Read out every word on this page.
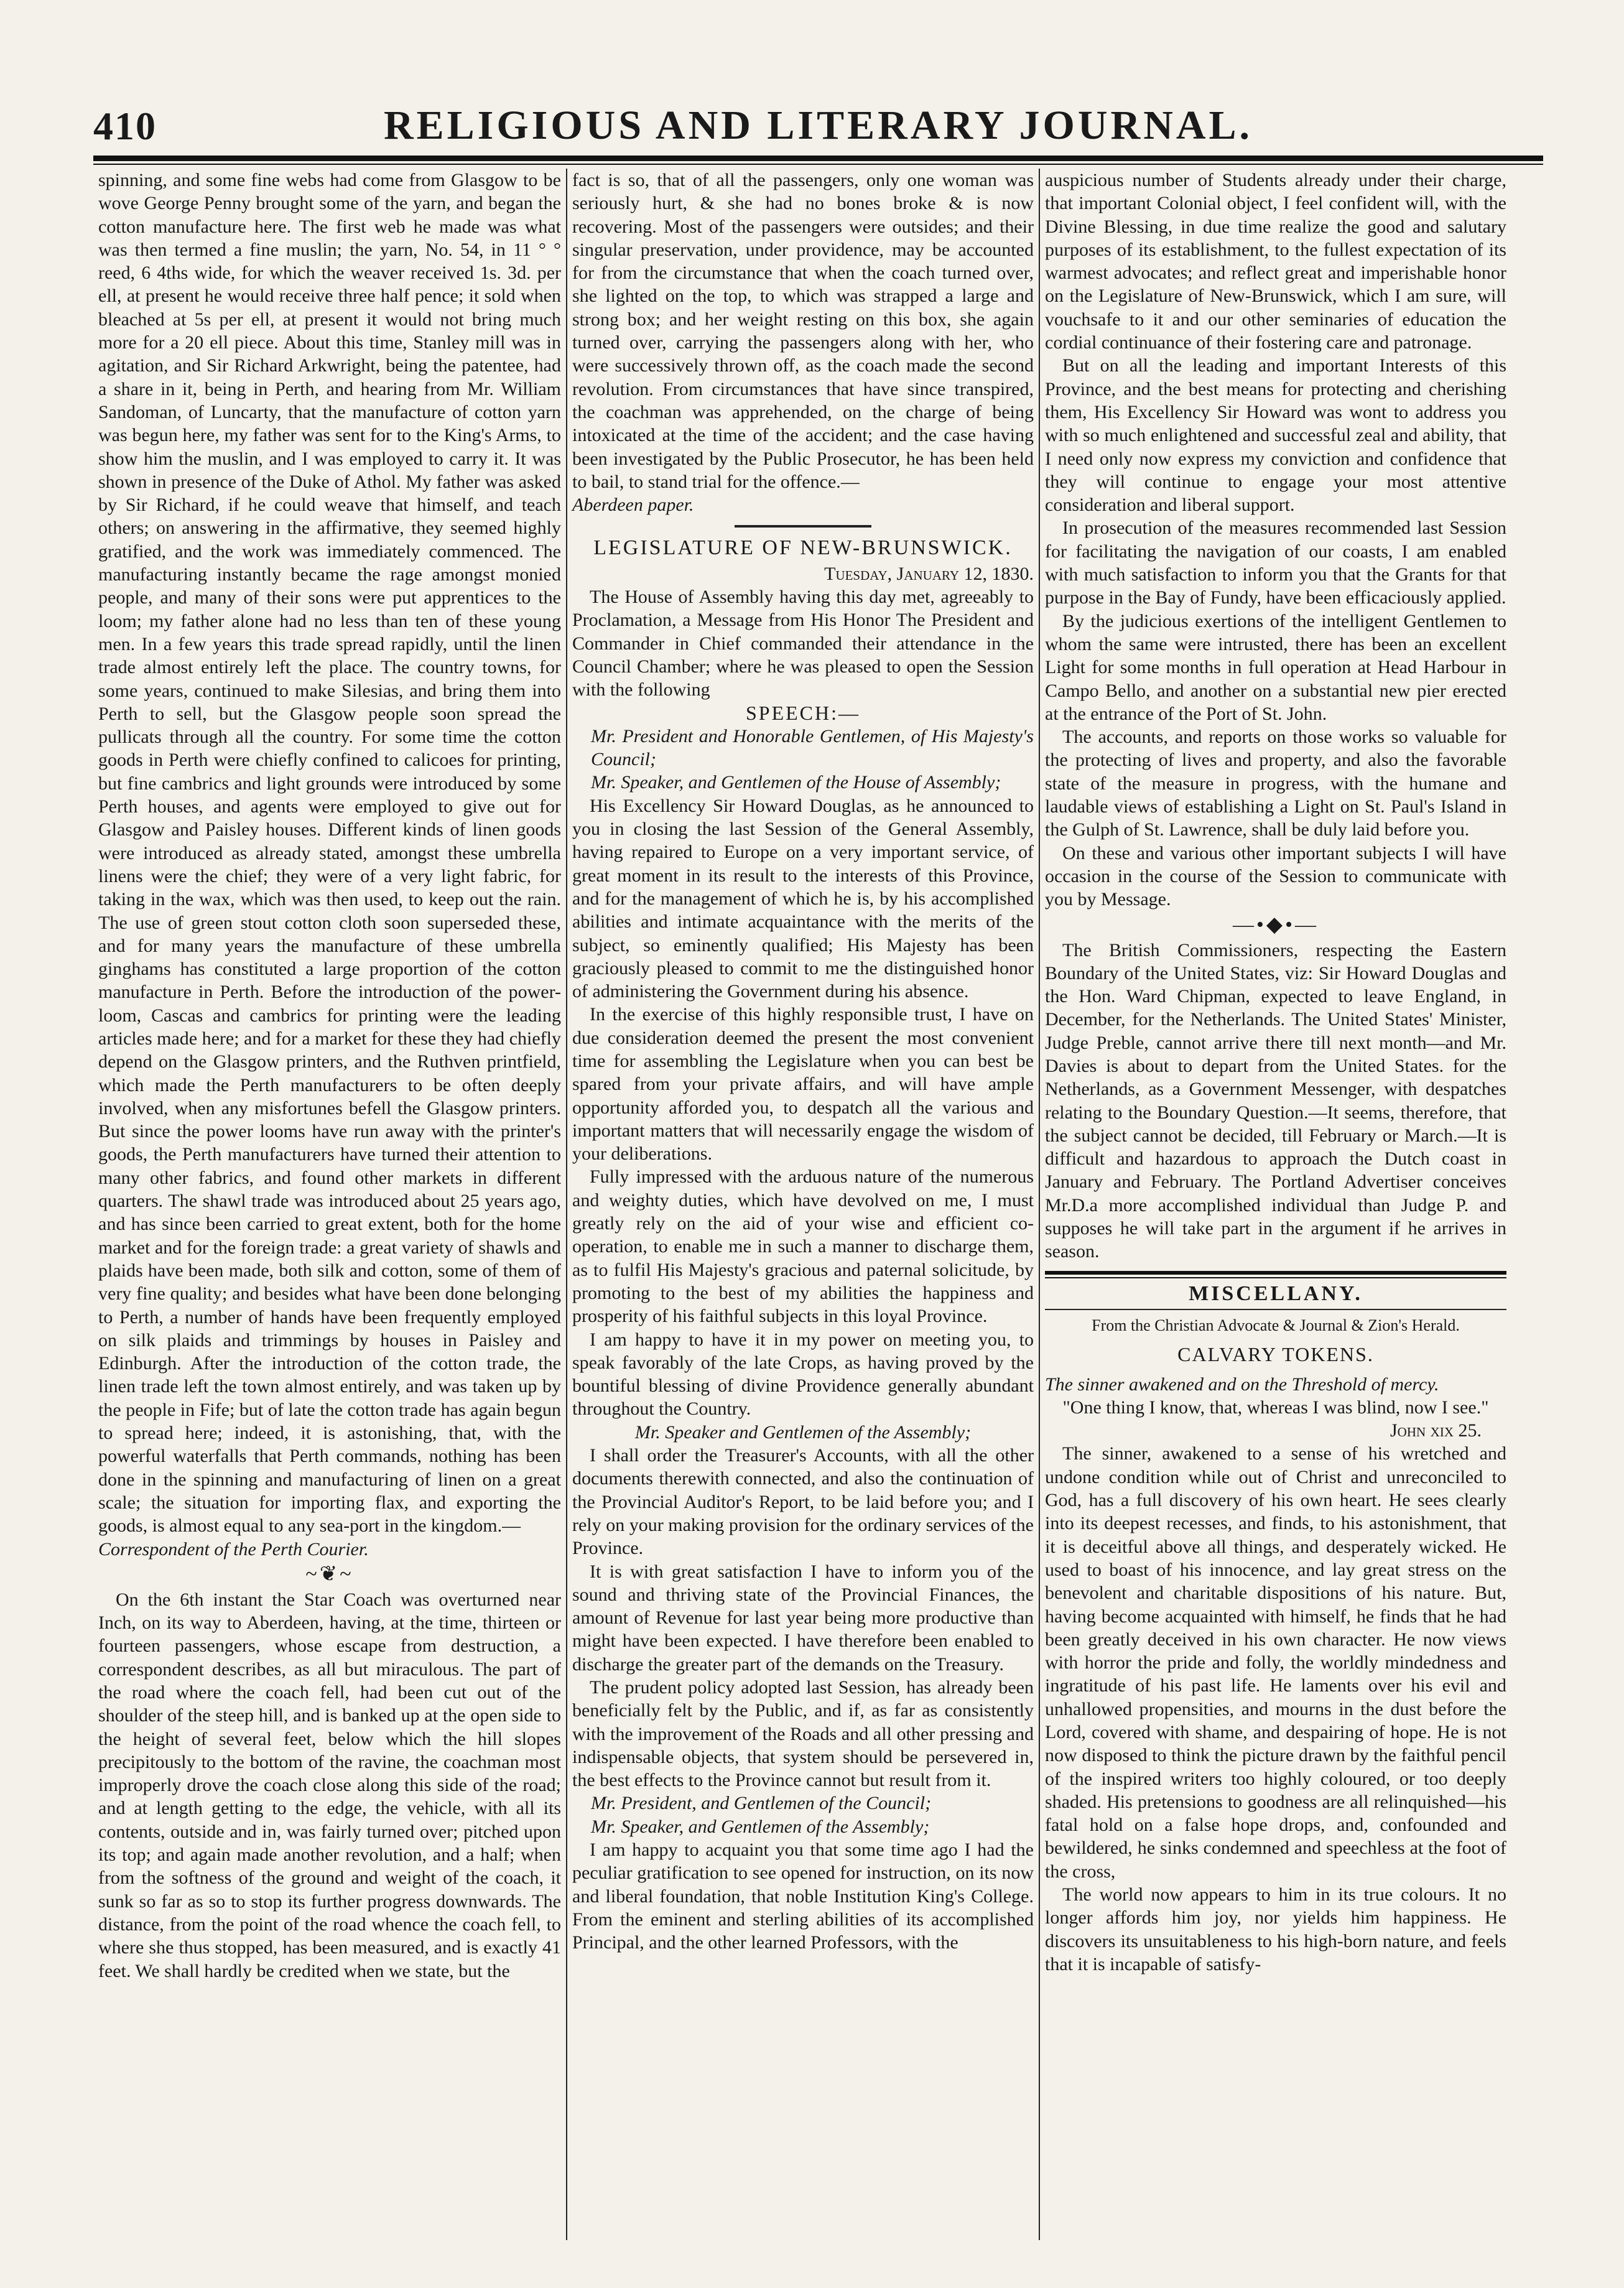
410	RELIGIOUS AND LITERARY JOURNAL.

spinning, and some fine webs had come from Glasgow to be wove George Penny brought some of the yarn, and began the cotton manufacture here. The first web he made was what was then termed a fine muslin; the yarn, No. 54, in 11 ° ° reed, 6 4ths wide, for which the weaver received 1s. 3d. per ell, at present he would receive three half pence; it sold when bleached at 5s per ell, at present it would not bring much more for a 20 ell piece. About this time, Stanley mill was in agitation, and Sir Richard Arkwright, being the patentee, had a share in it, being in Perth, and hearing from Mr. William Sandoman, of Luncarty, that the manufacture of cotton yarn was begun here, my father was sent for to the King's Arms, to show him the muslin, and I was employed to carry it. It was shown in presence of the Duke of Athol. My father was asked by Sir Richard, if he could weave that himself, and teach others; on answering in the affirmative, they seemed highly gratified, and the work was immediately commenced. The manufacturing instantly became the rage amongst monied people, and many of their sons were put apprentices to the loom; my father alone had no less than ten of these young men. In a few years this trade spread rapidly, until the linen trade almost entirely left the place. The country towns, for some years, continued to make Silesias, and bring them into Perth to sell, but the Glasgow people soon spread the pullicats through all the country. For some time the cotton goods in Perth were chiefly confined to calicoes for printing, but fine cambrics and light grounds were introduced by some Perth houses, and agents were employed to give out for Glasgow and Paisley houses. Different kinds of linen goods were introduced as already stated, amongst these umbrella linens were the chief; they were of a very light fabric, for taking in the wax, which was then used, to keep out the rain. The use of green stout cotton cloth soon superseded these, and for many years the manufacture of these umbrella ginghams has constituted a large proportion of the cotton manufacture in Perth. Before the introduction of the power-loom, Cascas and cambrics for printing were the leading articles made here; and for a market for these they had chiefly depend on the Glasgow printers, and the Ruthven printfield, which made the Perth manufacturers to be often deeply involved, when any misfortunes befell the Glasgow printers. But since the power looms have run away with the printer's goods, the Perth manufacturers have turned their attention to many other fabrics, and found other markets in different quarters. The shawl trade was introduced about 25 years ago, and has since been carried to great extent, both for the home market and for the foreign trade: a great variety of shawls and plaids have been made, both silk and cotton, some of them of very fine quality; and besides what have been done belonging to Perth, a number of hands have been frequently employed on silk plaids and trimmings by houses in Paisley and Edinburgh. After the introduction of the cotton trade, the linen trade left the town almost entirely, and was taken up by the people in Fife; but of late the cotton trade has again begun to spread here; indeed, it is astonishing, that, with the powerful waterfalls that Perth commands, nothing has been done in the spinning and manufacturing of linen on a great scale; the situation for importing flax, and exporting the goods, is almost equal to any sea-port in the kingdom.—

Correspondent of the Perth Courier.

~❦~

On the 6th instant the Star Coach was overturned near Inch, on its way to Aberdeen, having, at the time, thirteen or fourteen passengers, whose escape from destruction, a correspondent describes, as all but miraculous. The part of the road where the coach fell, had been cut out of the shoulder of the steep hill, and is banked up at the open side to the height of several feet, below which the hill slopes precipitously to the bottom of the ravine, the coachman most improperly drove the coach close along this side of the road; and at length getting to the edge, the vehicle, with all its contents, outside and in, was fairly turned over; pitched upon its top; and again made another revolution, and a half; when from the softness of the ground and weight of the coach, it sunk so far as so to stop its further progress downwards. The distance, from the point of the road whence the coach fell, to where she thus stopped, has been measured, and is exactly 41 feet. We shall hardly be credited when we state, but the

fact is so, that of all the passengers, only one woman was seriously hurt, & she had no bones broke & is now recovering. Most of the passengers were outsides; and their singular preservation, under providence, may be accounted for from the circumstance that when the coach turned over, she lighted on the top, to which was strapped a large and strong box; and her weight resting on this box, she again turned over, carrying the passengers along with her, who were successively thrown off, as the coach made the second revolution. From circumstances that have since transpired, the coachman was apprehended, on the charge of being intoxicated at the time of the accident; and the case having been investigated by the Public Prosecutor, he has been held to bail, to stand trial for the offence.—

Aberdeen paper.

LEGISLATURE OF NEW-BRUNSWICK.

Tuesday, January 12, 1830.

The House of Assembly having this day met, agreeably to Proclamation, a Message from His Honor The President and Commander in Chief commanded their attendance in the Council Chamber; where he was pleased to open the Session with the following

SPEECH:—

Mr. President and Honorable Gentlemen, of His Majesty's Council;

Mr. Speaker, and Gentlemen of the House of Assembly;

His Excellency Sir Howard Douglas, as he announced to you in closing the last Session of the General Assembly, having repaired to Europe on a very important service, of great moment in its result to the interests of this Province, and for the management of which he is, by his accomplished abilities and intimate acquaintance with the merits of the subject, so eminently qualified; His Majesty has been graciously pleased to commit to me the distinguished honor of administering the Government during his absence.

In the exercise of this highly responsible trust, I have on due consideration deemed the present the most convenient time for assembling the Legislature when you can best be spared from your private affairs, and will have ample opportunity afforded you, to despatch all the various and important matters that will necessarily engage the wisdom of your deliberations.

Fully impressed with the arduous nature of the numerous and weighty duties, which have devolved on me, I must greatly rely on the aid of your wise and efficient co-operation, to enable me in such a manner to discharge them, as to fulfil His Majesty's gracious and paternal solicitude, by promoting to the best of my abilities the happiness and prosperity of his faithful subjects in this loyal Province.

I am happy to have it in my power on meeting you, to speak favorably of the late Crops, as having proved by the bountiful blessing of divine Providence generally abundant throughout the Country.

Mr. Speaker and Gentlemen of the Assembly;

I shall order the Treasurer's Accounts, with all the other documents therewith connected, and also the continuation of the Provincial Auditor's Report, to be laid before you; and I rely on your making provision for the ordinary services of the Province.

It is with great satisfaction I have to inform you of the sound and thriving state of the Provincial Finances, the amount of Revenue for last year being more productive than might have been expected. I have therefore been enabled to discharge the greater part of the demands on the Treasury.

The prudent policy adopted last Session, has already been beneficially felt by the Public, and if, as far as consistently with the improvement of the Roads and all other pressing and indispensable objects, that system should be persevered in, the best effects to the Province cannot but result from it.

Mr. President, and Gentlemen of the Council;

Mr. Speaker, and Gentlemen of the Assembly;

I am happy to acquaint you that some time ago I had the peculiar gratification to see opened for instruction, on its now and liberal foundation, that noble Institution King's College. From the eminent and sterling abilities of its accomplished Principal, and the other learned Professors, with the

auspicious number of Students already under their charge, that important Colonial object, I feel confident will, with the Divine Blessing, in due time realize the good and salutary purposes of its establishment, to the fullest expectation of its warmest advocates; and reflect great and imperishable honor on the Legislature of New-Brunswick, which I am sure, will vouchsafe to it and our other seminaries of education the cordial continuance of their fostering care and patronage.

But on all the leading and important Interests of this Province, and the best means for protecting and cherishing them, His Excellency Sir Howard was wont to address you with so much enlightened and successful zeal and ability, that I need only now express my conviction and confidence that they will continue to engage your most attentive consideration and liberal support.

In prosecution of the measures recommended last Session for facilitating the navigation of our coasts, I am enabled with much satisfaction to inform you that the Grants for that purpose in the Bay of Fundy, have been efficaciously applied.

By the judicious exertions of the intelligent Gentlemen to whom the same were intrusted, there has been an excellent Light for some months in full operation at Head Harbour in Campo Bello, and another on a substantial new pier erected at the entrance of the Port of St. John.

The accounts, and reports on those works so valuable for the protecting of lives and property, and also the favorable state of the measure in progress, with the humane and laudable views of establishing a Light on St. Paul's Island in the Gulph of St. Lawrence, shall be duly laid before you.

On these and various other important subjects I will have occasion in the course of the Session to communicate with you by Message.

—•◆•—

The British Commissioners, respecting the Eastern Boundary of the United States, viz: Sir Howard Douglas and the Hon. Ward Chipman, expected to leave England, in December, for the Netherlands. The United States' Minister, Judge Preble, cannot arrive there till next month—and Mr. Davies is about to depart from the United States. for the Netherlands, as a Government Messenger, with despatches relating to the Boundary Question.—It seems, therefore, that the subject cannot be decided, till February or March.—It is difficult and hazardous to approach the Dutch coast in January and February. The Portland Advertiser conceives Mr.D.a more accomplished individual than Judge P. and supposes he will take part in the argument if he arrives in season.

MISCELLANY.

From the Christian Advocate & Journal & Zion's Herald.

CALVARY TOKENS.

The sinner awakened and on the Threshold of mercy.

"One thing I know, that, whereas I was blind, now I see."

John xix 25.

The sinner, awakened to a sense of his wretched and undone condition while out of Christ and unreconciled to God, has a full discovery of his own heart. He sees clearly into its deepest recesses, and finds, to his astonishment, that it is deceitful above all things, and desperately wicked. He used to boast of his innocence, and lay great stress on the benevolent and charitable dispositions of his nature. But, having become acquainted with himself, he finds that he had been greatly deceived in his own character. He now views with horror the pride and folly, the worldly mindedness and ingratitude of his past life. He laments over his evil and unhallowed propensities, and mourns in the dust before the Lord, covered with shame, and despairing of hope. He is not now disposed to think the picture drawn by the faithful pencil of the inspired writers too highly coloured, or too deeply shaded. His pretensions to goodness are all relinquished—his fatal hold on a false hope drops, and, confounded and bewildered, he sinks condemned and speechless at the foot of the cross,

The world now appears to him in its true colours. It no longer affords him joy, nor yields him happiness. He discovers its unsuitableness to his high-born nature, and feels that it is incapable of satisfy-
